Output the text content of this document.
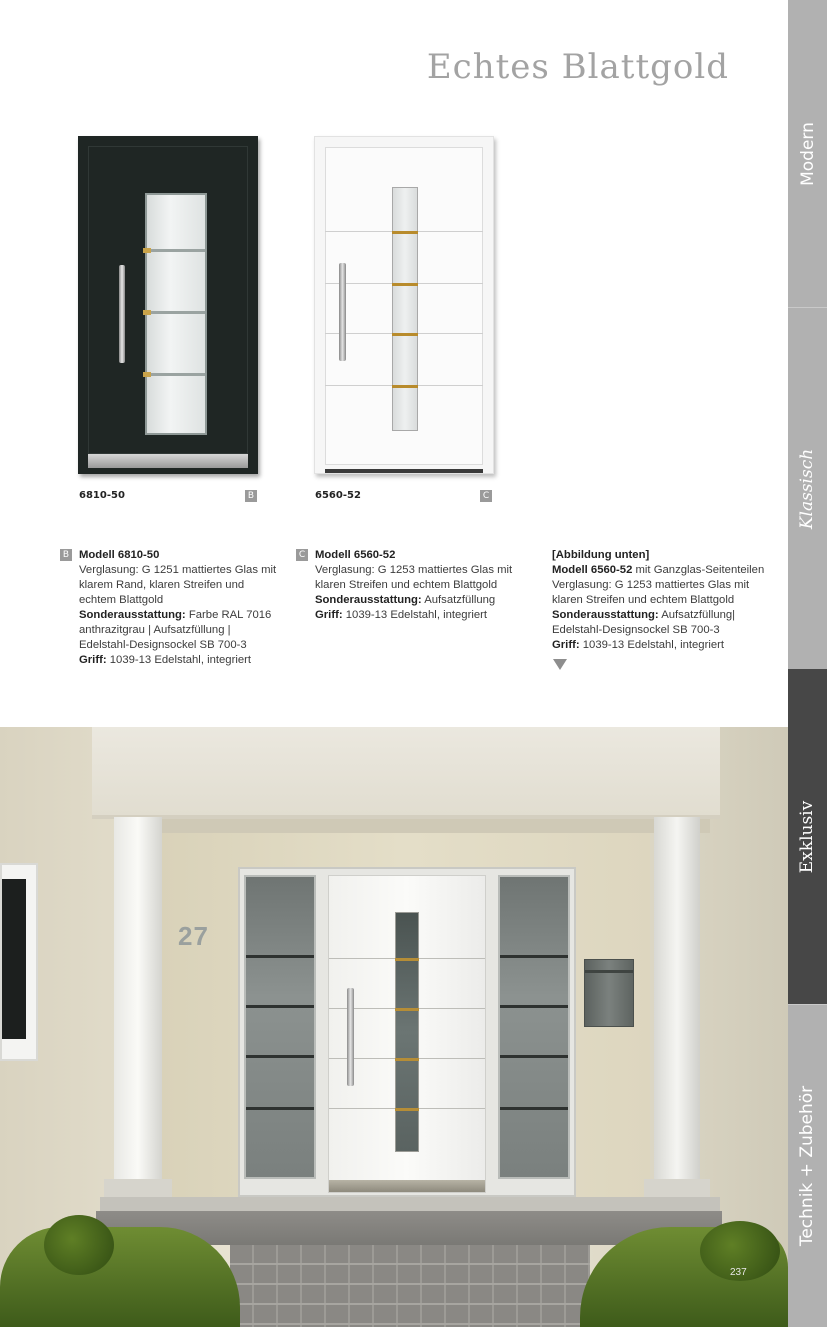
Echtes Blattgold
Modern
Klassisch
Exklusiv
Technik + Zubehör
6810-50	B	6560-52	C
B Modell 6810-50
Verglasung: G 1251 mattiertes Glas mit klarem Rand, klaren Streifen und echtem Blattgold
Sonderausstattung: Farbe RAL 7016 anthrazitgrau | Aufsatzfüllung | Edelstahl-Designsockel SB 700-3
Griff: 1039-13 Edelstahl, integriert
C Modell 6560-52
Verglasung: G 1253 mattiertes Glas mit klaren Streifen und echtem Blattgold
Sonderausstattung: Aufsatzfüllung
Griff: 1039-13 Edelstahl, integriert
[Abbildung unten]
Modell 6560-52 mit Ganzglas-Seitenteilen
Verglasung: G 1253 mattiertes Glas mit klaren Streifen und echtem Blattgold
Sonderausstattung: Aufsatzfüllung| Edelstahl-Designsockel SB 700-3
Griff: 1039-13 Edelstahl, integriert
27
237
